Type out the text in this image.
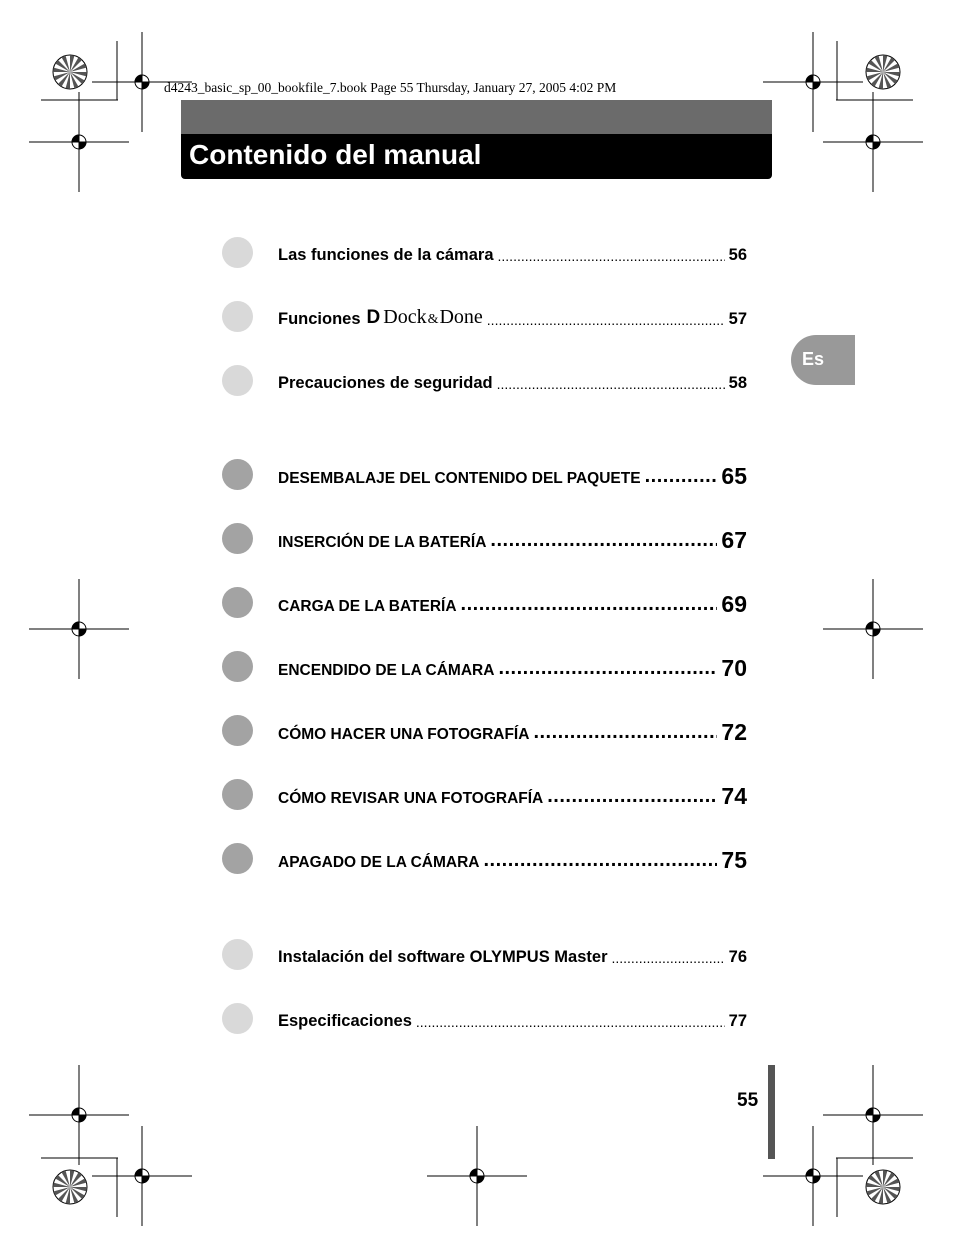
d4243_basic_sp_00_bookfile_7.book Page 55 Thursday, January 27, 2005 4:02 PM
Contenido del manual
Es
Las funciones de la cámara .....	56
Funciones D Dock & Done .....	57
Precauciones de seguridad .....	58
DESEMBALAJE DEL CONTENIDO DEL PAQUETE .....	65
INSERCIÓN DE LA BATERÍA .....	67
CARGA DE LA BATERÍA .....	69
ENCENDIDO DE LA CÁMARA .....	70
CÓMO HACER UNA FOTOGRAFÍA .....	72
CÓMO REVISAR UNA FOTOGRAFÍA .....	74
APAGADO DE LA CÁMARA .....	75
Instalación del software OLYMPUS Master .....	76
Especificaciones .....	77
55
